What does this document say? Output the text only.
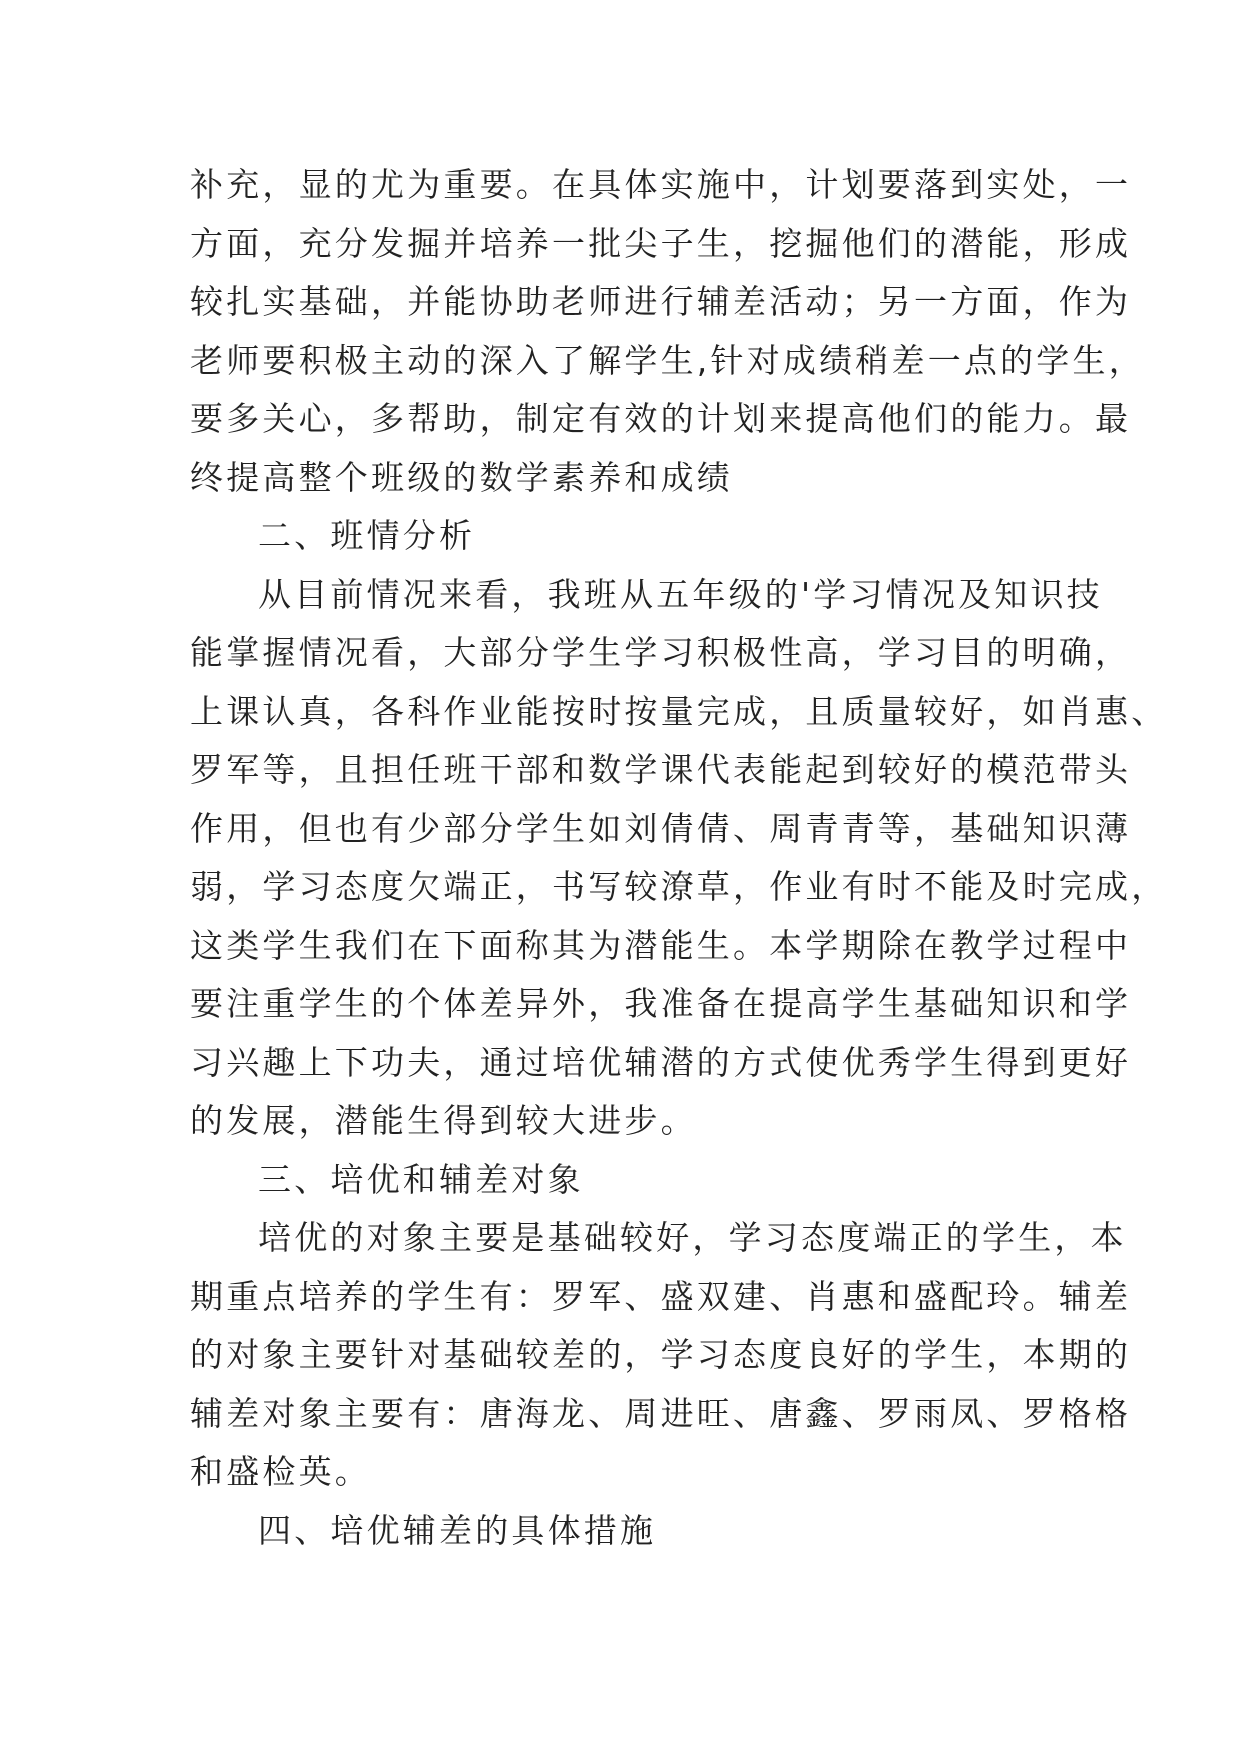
补充，显的尤为重要。在具体实施中，计划要落到实处，一

方面，充分发掘并培养一批尖子生，挖掘他们的潜能，形成

较扎实基础，并能协助老师进行辅差活动；另一方面，作为

老师要积极主动的深入了解学生,针对成绩稍差一点的学生，

要多关心，多帮助，制定有效的计划来提高他们的能力。最

终提高整个班级的数学素养和成绩

二、班情分析

从目前情况来看，我班从五年级的'学习情况及知识技

能掌握情况看，大部分学生学习积极性高，学习目的明确，

上课认真，各科作业能按时按量完成，且质量较好，如肖惠、

罗军等，且担任班干部和数学课代表能起到较好的模范带头

作用，但也有少部分学生如刘倩倩、周青青等，基础知识薄

弱，学习态度欠端正，书写较潦草，作业有时不能及时完成，

这类学生我们在下面称其为潜能生。本学期除在教学过程中

要注重学生的个体差异外，我准备在提高学生基础知识和学

习兴趣上下功夫，通过培优辅潜的方式使优秀学生得到更好

的发展，潜能生得到较大进步。

三、培优和辅差对象

培优的对象主要是基础较好，学习态度端正的学生，本

期重点培养的学生有：罗军、盛双建、肖惠和盛配玲。辅差

的对象主要针对基础较差的，学习态度良好的学生，本期的

辅差对象主要有：唐海龙、周进旺、唐鑫、罗雨凤、罗格格

和盛检英。

四、培优辅差的具体措施
